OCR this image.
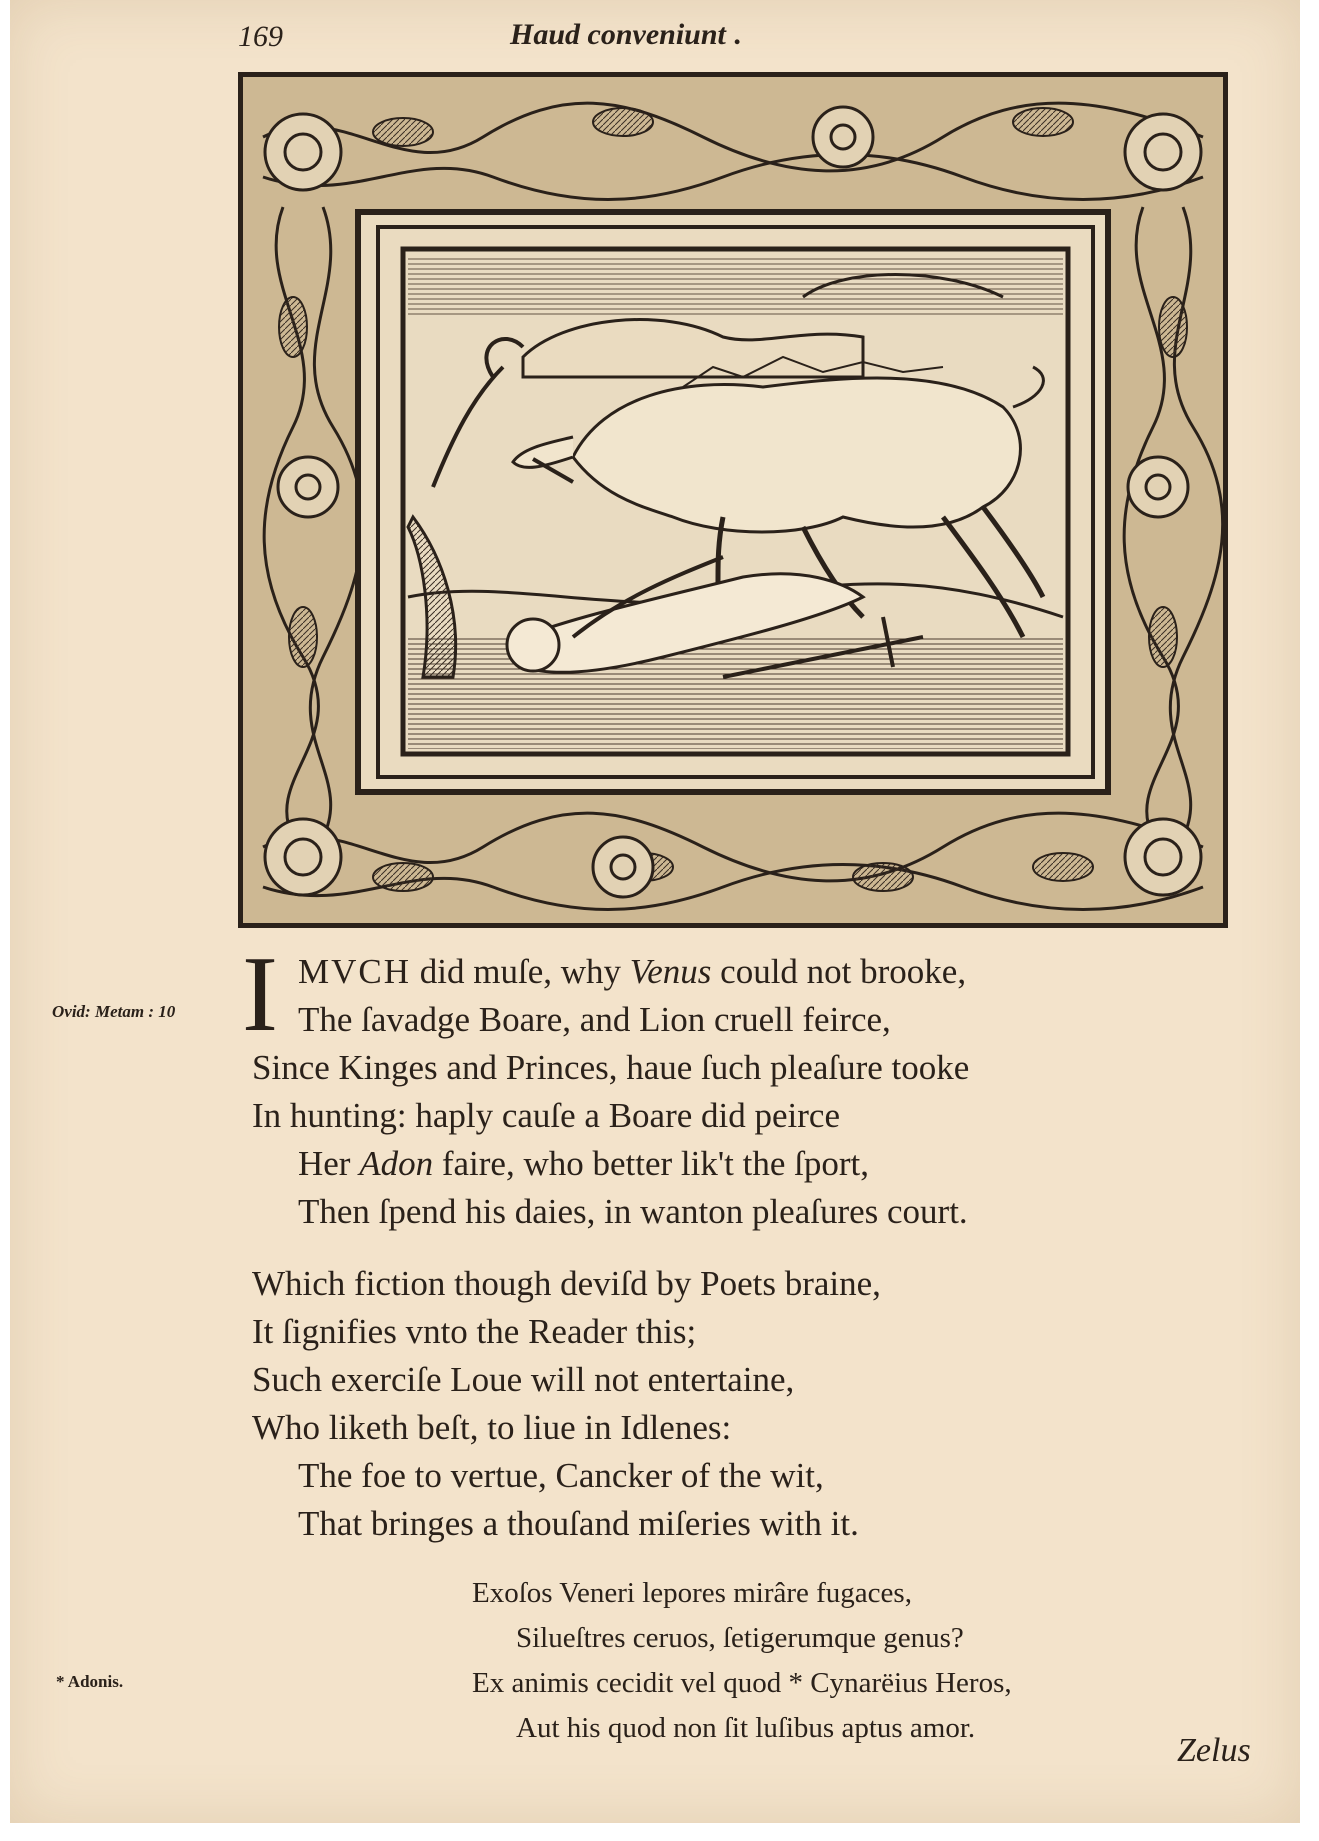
169	Haud conveniunt .
Ovid: Metam : 10
* Adonis.
I MVCH did muſe, why Venus could not brooke,
The ſavadge Boare, and Lion cruell feirce,
Since Kinges and Princes, haue ſuch pleaſure tooke
In hunting: haply cauſe a Boare did peirce
Her Adon faire, who better lik't the ſport,
Then ſpend his daies, in wanton pleaſures court.
Which fiction though deviſd by Poets braine,
It ſignifies vnto the Reader this;
Such exerciſe Loue will not entertaine,
Who liketh beſt, to liue in Idlenes:
The foe to vertue, Cancker of the wit,
That bringes a thouſand miſeries with it.
Exoſos Veneri lepores mirâre fugaces,
Silueſtres ceruos, ſetigerumque genus?
Ex animis cecidit vel quod * Cynarëius Heros,
Aut his quod non ſit luſibus aptus amor.
Zelus
